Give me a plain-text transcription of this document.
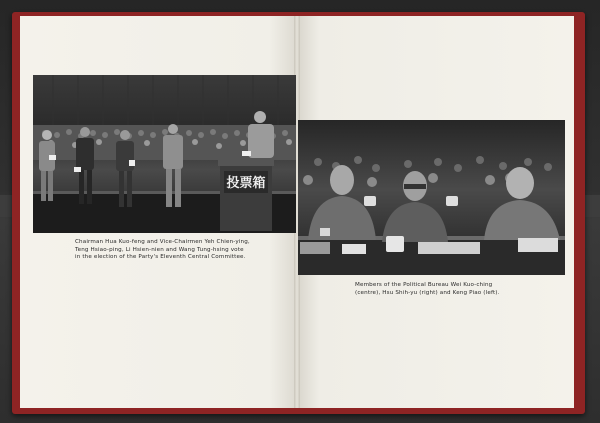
投票箱

Chairman Hua Kuo-feng and Vice-Chairmen Yeh Chien-ying,
Teng Hsiao-ping, Li Hsien-nien and Wang Tung-hsing vote
in the election of the Party's Eleventh Central Committee.

Members of the Political Bureau Wei Kuo-ching
(centre), Hsu Shih-yu (right) and Keng Piao (left).
